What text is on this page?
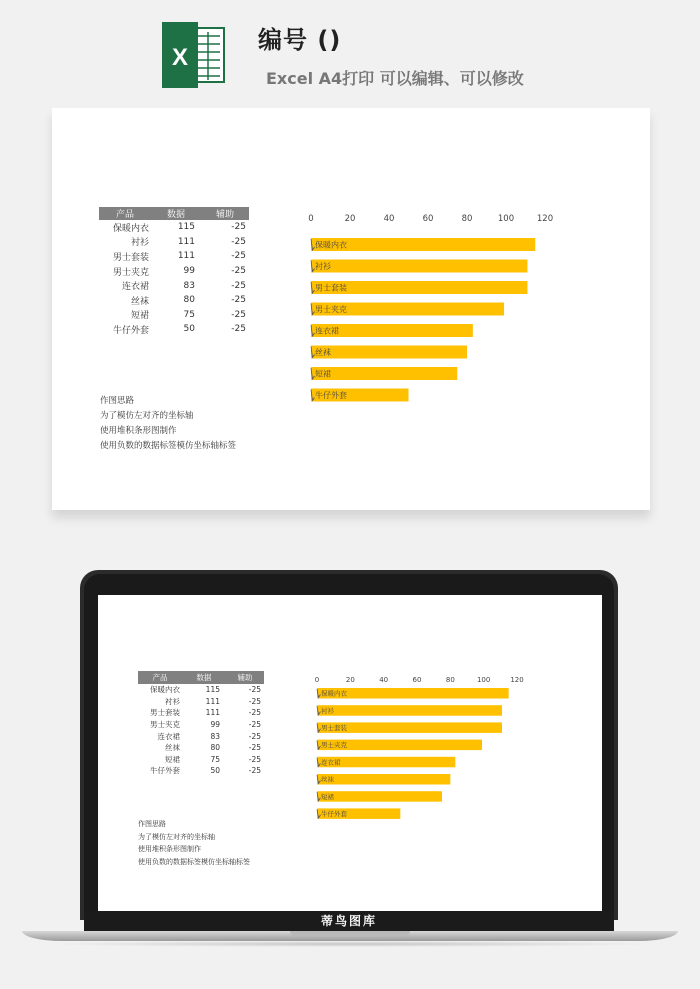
X
编号 ()
Excel A4打印 可以编辑、可以修改
产品	数据	辅助
保暖内衣	115	-25
衬衫	111	-25
男士套装	111	-25
男士夹克	99	-25
连衣裙	83	-25
丝袜	80	-25
短裙	75	-25
牛仔外套	50	-25
作图思路
为了模仿左对齐的坐标轴
使用堆积条形图制作
使用负数的数据标签模仿坐标轴标签
0	20	40	60	80	100	120
保暖内衣
衬衫
男士套装
男士夹克
连衣裙
丝袜
短裙
牛仔外套
产品	数据	辅助
保暖内衣	115	-25
衬衫	111	-25
男士套装	111	-25
男士夹克	99	-25
连衣裙	83	-25
丝袜	80	-25
短裙	75	-25
牛仔外套	50	-25
作图思路
为了模仿左对齐的坐标轴
使用堆积条形图制作
使用负数的数据标签模仿坐标轴标签
0	20	40	60	80	100	120
保暖内衣
衬衫
男士套装
男士夹克
连衣裙
丝袜
短裙
牛仔外套
蒂鸟图库
